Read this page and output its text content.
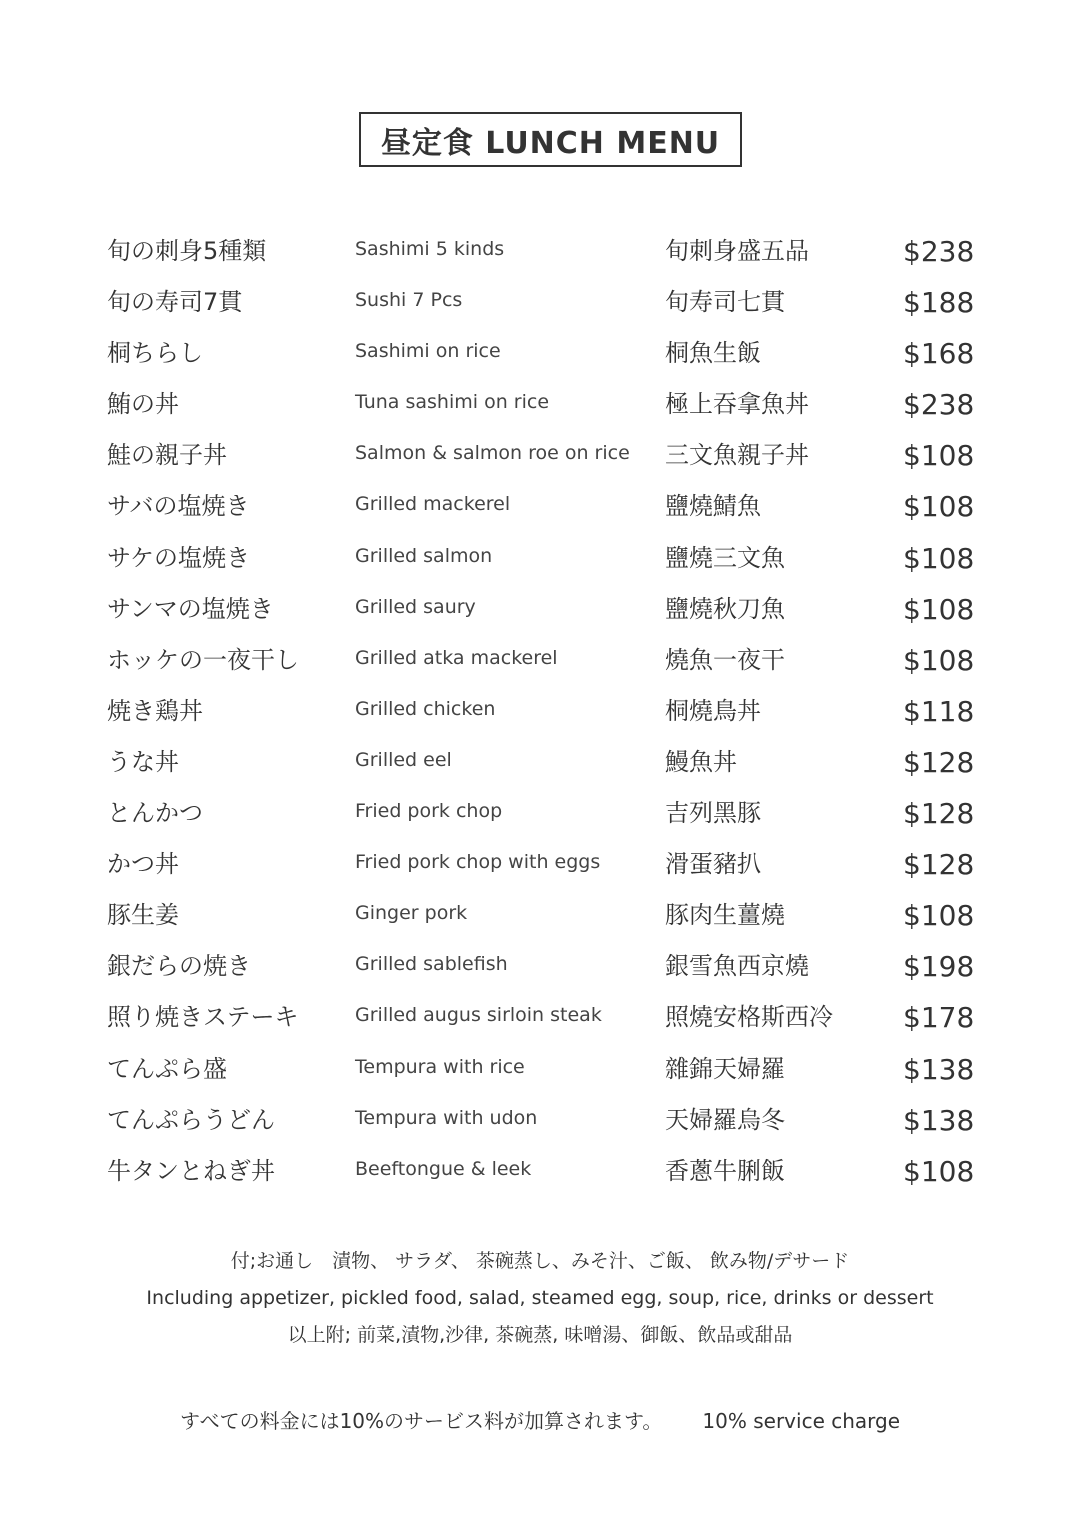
昼定食 LUNCH MENU
旬の刺身5種類	Sashimi 5 kinds	旬刺身盛五品	$238
旬の寿司7貫	Sushi 7 Pcs	旬寿司七貫	$188
桐ちらし	Sashimi on rice	桐魚生飯	$168
鮪の丼	Tuna sashimi on rice	極上吞拿魚丼	$238
鮭の親子丼	Salmon & salmon roe on rice 三文魚親子丼	$108
サバの塩焼き	Grilled mackerel	鹽燒鯖魚	$108
サケの塩焼き	Grilled salmon	鹽燒三文魚	$108
サンマの塩焼き	Grilled saury	鹽燒秋刀魚	$108
ホッケの一夜干し	Grilled atka mackerel	燒魚一夜干	$108
焼き鶏丼	Grilled chicken	桐燒鳥丼	$118
うな丼	Grilled eel	鰻魚丼	$128
とんかつ	Fried pork chop	吉列黑豚	$128
かつ丼	Fried pork chop with eggs	滑蛋豬扒	$128
豚生姜	Ginger pork	豚肉生薑燒	$108
銀だらの焼き	Grilled sablefish	銀雪魚西京燒	$198
照り焼きステーキ	Grilled augus sirloin steak	照燒安格斯西冷	$178
てんぷら盛	Tempura with rice	雜錦天婦羅	$138
てんぷらうどん	Tempura with udon	天婦羅烏冬	$138
牛タンとねぎ丼	Beeftongue & leek	香蔥牛脷飯	$108
付;お通し　漬物、 サラダ、 茶碗蒸し、みそ汁、ご飯、 飲み物/デサード
Including appetizer, pickled food, salad, steamed egg, soup, rice, drinks or dessert
以上附; 前菜,漬物,沙律, 茶碗蒸, 味噌湯、御飯、飲品或甜品
すべての料金には10%のサービス料が加算されます。 10% service charge
